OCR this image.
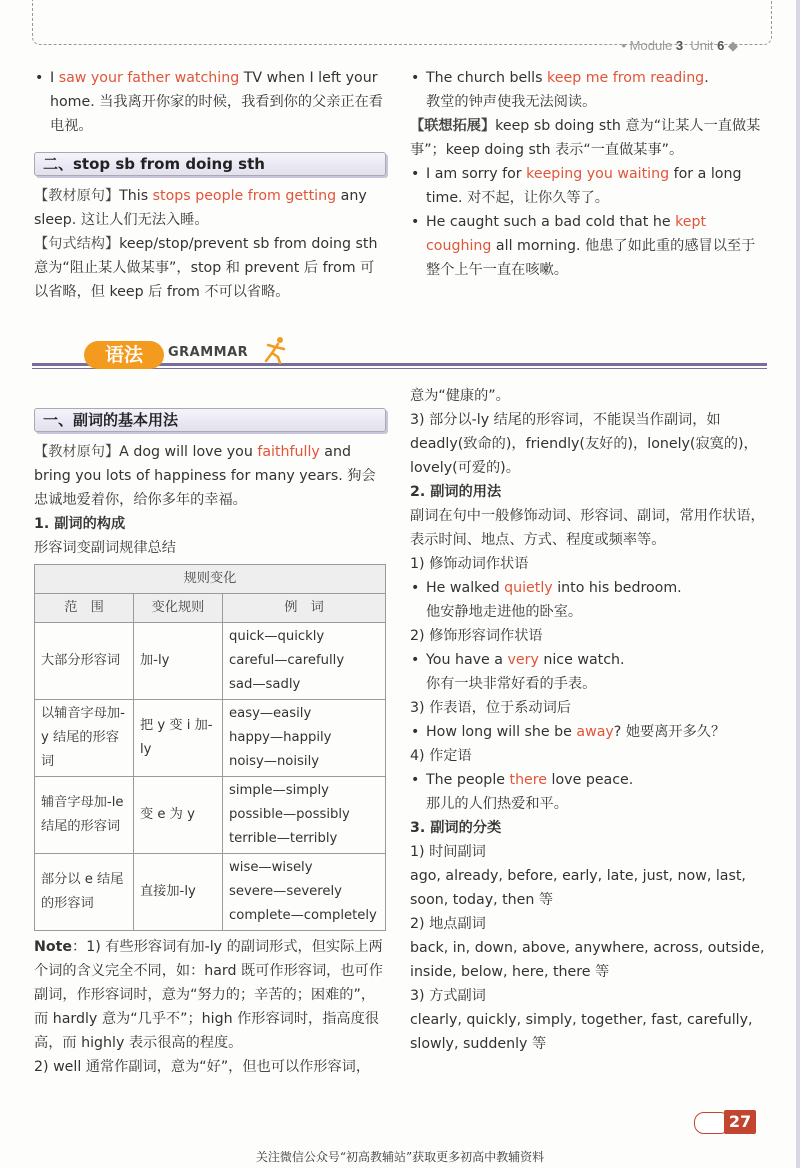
• Module 3 Unit 6 ◆
• I saw your father watching TV when I left your home. 当我离开你家的时候，我看到你的父亲正在看电视。
二、stop sb from doing sth
【教材原句】This stops people from getting any sleep. 这让人们无法入睡。
【句式结构】keep/stop/prevent sb from doing sth 意为“阻止某人做某事”，stop 和 prevent 后 from 可以省略，但 keep 后 from 不可以省略。
• The church bells keep me from reading.
教堂的钟声使我无法阅读。
【联想拓展】keep sb doing sth 意为“让某人一直做某事”；keep doing sth 表示“一直做某事”。
• I am sorry for keeping you waiting for a long time. 对不起，让你久等了。
• He caught such a bad cold that he kept coughing all morning. 他患了如此重的感冒以至于整个上午一直在咳嗽。
语法	GRAMMAR
一、副词的基本用法
【教材原句】A dog will love you faithfully and bring you lots of happiness for many years. 狗会忠诚地爱着你，给你多年的幸福。
1. 副词的构成
形容词变副词规律总结
规则变化		
范　围	变化规则	例　词
大部分形容词	加-ly	quick—quickly
careful—carefully
sad—sadly

以辅音字母加-y 结尾的形容词	把 y 变 i 加-ly	easy—easily
happy—happily
noisy—noisily

辅音字母加-le 结尾的形容词	变 e 为 y	simple—simply
possible—possibly
terrible—terribly

部分以 e 结尾的形容词	直接加-ly	wise—wisely
severe—severely
complete—completely
Note：1) 有些形容词有加-ly 的副词形式，但实际上两个词的含义完全不同，如：hard 既可作形容词，也可作副词，作形容词时，意为“努力的；辛苦的；困难的”，而 hardly 意为“几乎不”；high 作形容词时，指高度很高，而 highly 表示很高的程度。
2) well 通常作副词，意为“好”，但也可以作形容词，
意为“健康的”。
3) 部分以-ly 结尾的形容词，不能误当作副词，如 deadly(致命的)，friendly(友好的)，lonely(寂寞的)，lovely(可爱的)。
2. 副词的用法
副词在句中一般修饰动词、形容词、副词，常用作状语，表示时间、地点、方式、程度或频率等。
1) 修饰动词作状语
• He walked quietly into his bedroom.
他安静地走进他的卧室。
2) 修饰形容词作状语
• You have a very nice watch.
你有一块非常好看的手表。
3) 作表语，位于系动词后
• How long will she be away? 她要离开多久？
4) 作定语
• The people there love peace.
那儿的人们热爱和平。
3. 副词的分类
1) 时间副词
ago, already, before, early, late, just, now, last, soon, today, then 等
2) 地点副词
back, in, down, above, anywhere, across, outside, inside, below, here, there 等
3) 方式副词
clearly, quickly, simply, together, fast, carefully, slowly, suddenly 等
27
关注微信公众号“初高教辅站”获取更多初高中教辅资料
